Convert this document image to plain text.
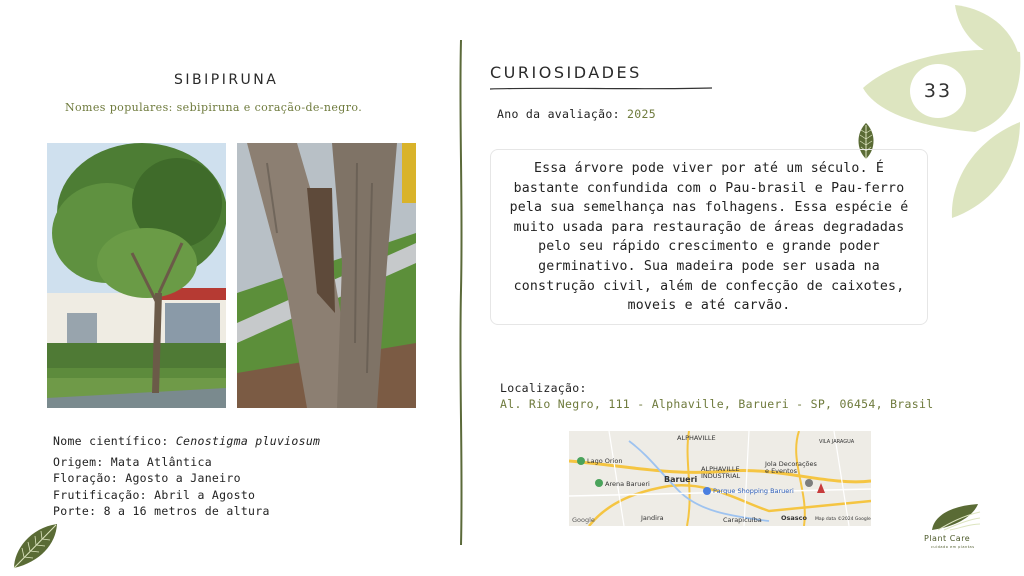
33
SIBIPIRUNA
Nomes populares: sebipiruna e coração-de-negro.
Nome científico: Cenostigma pluviosum
Origem: Mata Atlântica
Floração: Agosto a Janeiro
Frutificação: Abril a Agosto
Porte: 8 a 16 metros de altura
CURIOSIDADES
Ano da avaliação: 2025

Essa árvore pode viver por até um século. É bastante confundida com o Pau-brasil e Pau-ferro pela sua semelhança nas folhagens. Essa espécie é muito usada para restauração de áreas degradadas pelo seu rápido crescimento e grande poder germinativo. Sua madeira pode ser usada na construção civil, além de confecção de caixotes, moveis e até carvão.

Localização:
Al. Rio Negro, 111 - Alphaville, Barueri - SP, 06454, Brasil
ALPHAVILLE
Lago Orion
Barueri
ALPHAVILLE INDUSTRIAL
Jola Decorações e Eventos
Arena Barueri
Parque Shopping Barueri
Jandira	Carapicuíba	Osasco
VILA JARAGUA
Google	Map data ©2024 Google
Plant Care
cuidado em plantas
